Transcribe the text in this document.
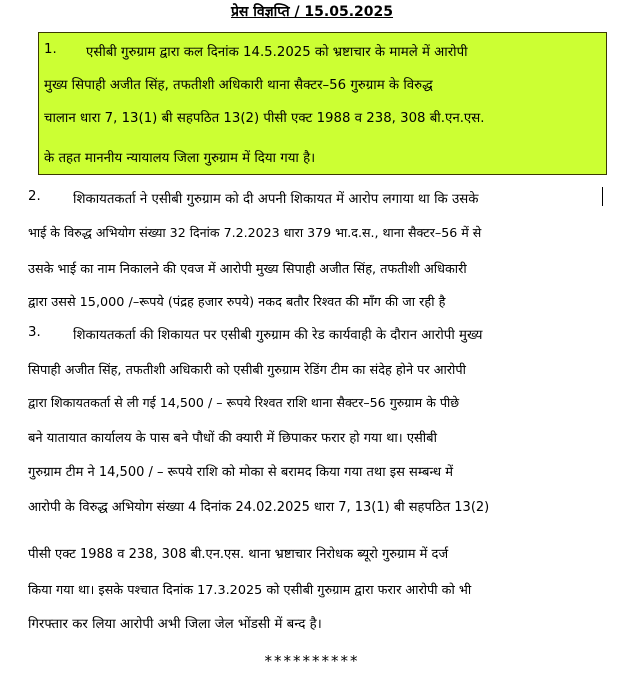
प्रेस विज्ञप्ति / 15.05.2025
1. एसीबी गुरुग्राम द्वारा कल दिनांक 14.5.2025 को भ्रष्टाचार के मामले में आरोपी
मुख्य सिपाही अजीत सिंह, तफतीशी अधिकारी थाना सैक्टर–56 गुरुग्राम के विरुद्ध
चालान धारा 7, 13(1) बी सहपठित 13(2) पीसी एक्ट 1988 व 238, 308 बी.एन.एस.
के तहत माननीय न्यायालय जिला गुरुग्राम में दिया गया है।
2. शिकायतकर्ता ने एसीबी गुरुग्राम को दी अपनी शिकायत में आरोप लगाया था कि उसके
भाई के विरुद्ध अभियोग संख्या 32 दिनांक 7.2.2023 धारा 379 भा.द.स., थाना सैक्टर–56 में से
उसके भाई का नाम निकालने की एवज में आरोपी मुख्य सिपाही अजीत सिंह, तफतीशी अधिकारी
द्वारा उससे 15,000 /–रूपये (पंद्रह हजार रुपये) नकद बतौर रिश्वत की माँग की जा रही है
3. शिकायतकर्ता की शिकायत पर एसीबी गुरुग्राम की रेड कार्यवाही के दौरान आरोपी मुख्य
सिपाही अजीत सिंह, तफतीशी अधिकारी को एसीबी गुरुग्राम रेडिंग टीम का संदेह होने पर आरोपी
द्वारा शिकायतकर्ता से ली गई 14,500 / – रूपये रिश्वत राशि थाना सैक्टर–56 गुरुग्राम के पीछे
बने यातायात कार्यालय के पास बने पौधों की क्यारी में छिपाकर फरार हो गया था। एसीबी
गुरुग्राम टीम ने 14,500 / – रूपये राशि को मोका से बरामद किया गया तथा इस सम्बन्ध में
आरोपी के विरुद्ध अभियोग संख्या 4 दिनांक 24.02.2025 धारा 7, 13(1) बी सहपठित 13(2)
पीसी एक्ट 1988 व 238, 308 बी.एन.एस. थाना भ्रष्टाचार निरोधक ब्यूरो गुरुग्राम में दर्ज
किया गया था। इसके पश्चात दिनांक 17.3.2025 को एसीबी गुरुग्राम द्वारा फरार आरोपी को भी
गिरफ्तार कर लिया आरोपी अभी जिला जेल भोंडसी में बन्द है।
**********
